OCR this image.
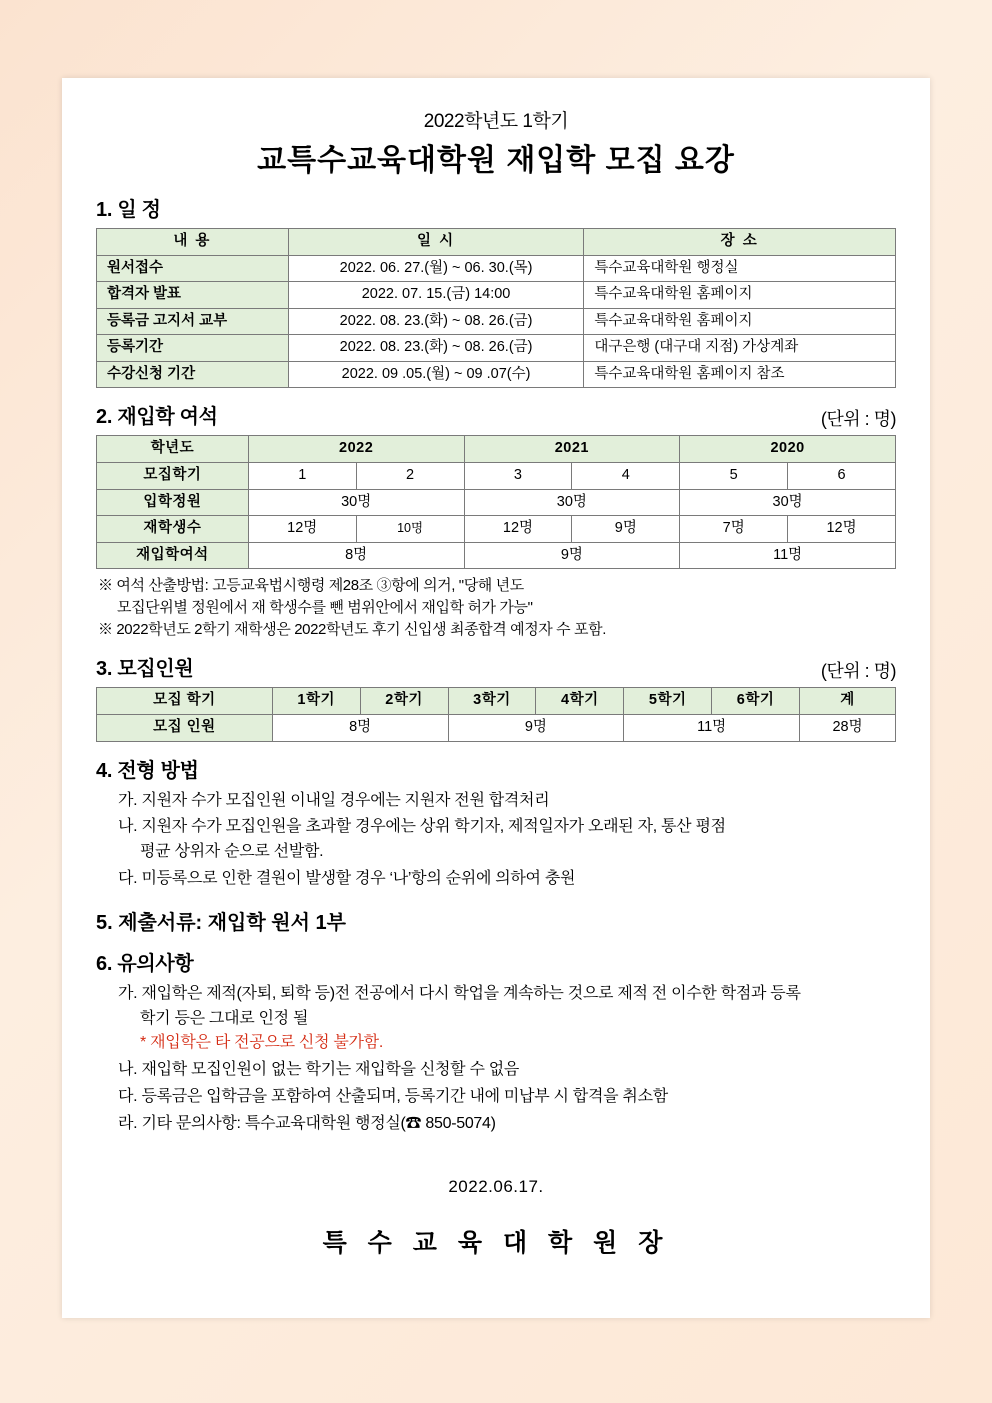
2022학년도 1학기
교특수교육대학원 재입학 모집 요강
1. 일 정
내 용	일 시	장 소
원서접수	2022. 06. 27.(월) ~ 06. 30.(목)	특수교육대학원 행정실
합격자 발표	2022. 07. 15.(금) 14:00	특수교육대학원 홈페이지
등록금 고지서 교부	2022. 08. 23.(화) ~ 08. 26.(금)	특수교육대학원 홈페이지
등록기간	2022. 08. 23.(화) ~ 08. 26.(금)	대구은행 (대구대 지점) 가상계좌
수강신청 기간	2022. 09 .05.(월) ~ 09 .07(수)	특수교육대학원 홈페이지 참조
2. 재입학 여석	(단위 : 명)
학년도	2022		2021		2020	
모집학기	1	2	3	4	5	6
입학정원	30명		30명		30명	
재학생수	12명	10명	12명	9명	7명	12명
재입학여석	8명		9명		11명	
※ 여석 산출방법: 고등교육법시행령 제28조 ③항에 의거, "당해 년도
모집단위별 정원에서 재 학생수를 뺀 범위안에서 재입학 허가 가능"
※ 2022학년도 2학기 재학생은 2022학년도 후기 신입생 최종합격 예정자 수 포함.
3. 모집인원	(단위 : 명)
모집 학기	1학기	2학기	3학기	4학기	5학기	6학기	계
모집 인원	8명		9명		11명		28명
4. 전형 방법
가. 지원자 수가 모집인원 이내일 경우에는 지원자 전원 합격처리
나. 지원자 수가 모집인원을 초과할 경우에는 상위 학기자, 제적일자가 오래된 자, 통산 평점
평균 상위자 순으로 선발함.
다. 미등록으로 인한 결원이 발생할 경우 ‘나’항의 순위에 의하여 충원
5. 제출서류: 재입학 원서 1부
6. 유의사항
가. 재입학은 제적(자퇴, 퇴학 등)전 전공에서 다시 학업을 계속하는 것으로 제적 전 이수한 학점과 등록
학기 등은 그대로 인정 될
* 재입학은 타 전공으로 신청 불가함.
나. 재입학 모집인원이 없는 학기는 재입학을 신청할 수 없음
다. 등록금은 입학금을 포함하여 산출되며, 등록기간 내에 미납부 시 합격을 취소함
라. 기타 문의사항: 특수교육대학원 행정실(☎ 850-5074)
2022.06.17.
특 수 교 육 대 학 원 장
